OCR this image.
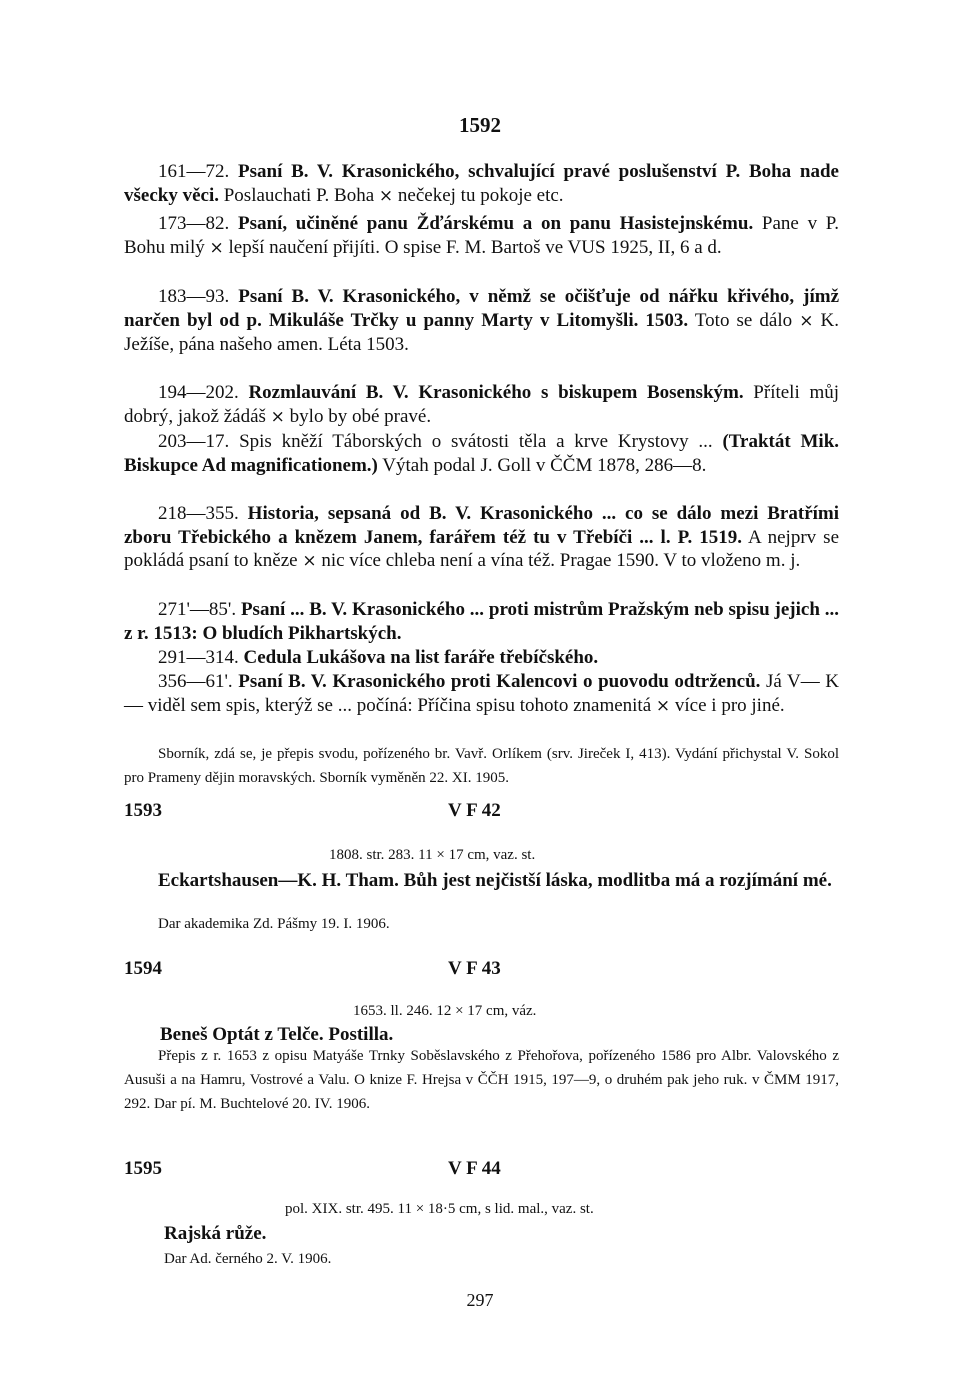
1592

161—72. Psaní B. V. Krasonického, schvalující pravé poslušenství P. Boha nade všecky věci. Poslauchati P. Boha × nečekej tu pokoje etc.

173—82. Psaní, učiněné panu Žďárskému a on panu Hasistejnskému. Pane v P. Bohu milý × lepší naučení přijíti. O spise F. M. Bartoš ve VUS 1925, II, 6 a d.

183—93. Psaní B. V. Krasonického, v němž se očišťuje od nářku křivého, jímž narčen byl od p. Mikuláše Trčky u panny Marty v Litomyšli. 1503. Toto se dálo × K. Ježíše, pána našeho amen. Léta 1503.

194—202. Rozmlauvání B. V. Krasonického s biskupem Bosenským. Příteli můj dobrý, jakož žádáš × bylo by obé pravé.

203—17. Spis kněží Táborských o svátosti těla a krve Krystovy ... (Traktát Mik. Biskupce Ad magnificationem.) Výtah podal J. Goll v ČČM 1878, 286—8.

218—355. Historia, sepsaná od B. V. Krasonického ... co se dálo mezi Bratřími zboru Třebického a knězem Janem, farářem též tu v Třebíči ... l. P. 1519. A nejprv se pokládá psaní to kněze × nic více chleba není a vína též. Pragae 1590. V to vloženo m. j.

271'—85'. Psaní ... B. V. Krasonického ... proti mistrům Pražským neb spisu jejich ... z r. 1513: O bludích Pikhartských.

291—314. Cedula Lukášova na list faráře třebíčského.

356—61'. Psaní B. V. Krasonického proti Kalencovi o puovodu odtrženců. Já V— K— viděl sem spis, kterýž se ... počíná: Příčina spisu tohoto znamenitá × více i pro jiné.

Sborník, zdá se, je přepis svodu, pořízeného br. Vavř. Orlíkem (srv. Jireček I, 413). Vydání přichystal V. Sokol pro Prameny dějin moravských. Sborník vyměněn 22. XI. 1905.

1593	V F 42
1808. str. 283. 11 × 17 cm, vaz. st.

Eckartshausen—K. H. Tham. Bůh jest nejčistší láska, modlitba má a rozjímání mé.

Dar akademika Zd. Pášmy 19. I. 1906.

1594	V F 43
1653. ll. 246. 12 × 17 cm, váz.

Beneš Optát z Telče. Postilla.

Přepis z r. 1653 z opisu Matyáše Trnky Soběslavského z Přehořova, pořízeného 1586 pro Albr. Valovského z Ausuši a na Hamru, Vostrové a Valu. O knize F. Hrejsa v ČČH 1915, 197—9, o druhém pak jeho ruk. v ČMM 1917, 292. Dar pí. M. Buchtelové 20. IV. 1906.

1595	V F 44
pol. XIX. str. 495. 11 × 18·5 cm, s lid. mal., vaz. st.

Rajská růže.

Dar Ad. černého 2. V. 1906.

297
